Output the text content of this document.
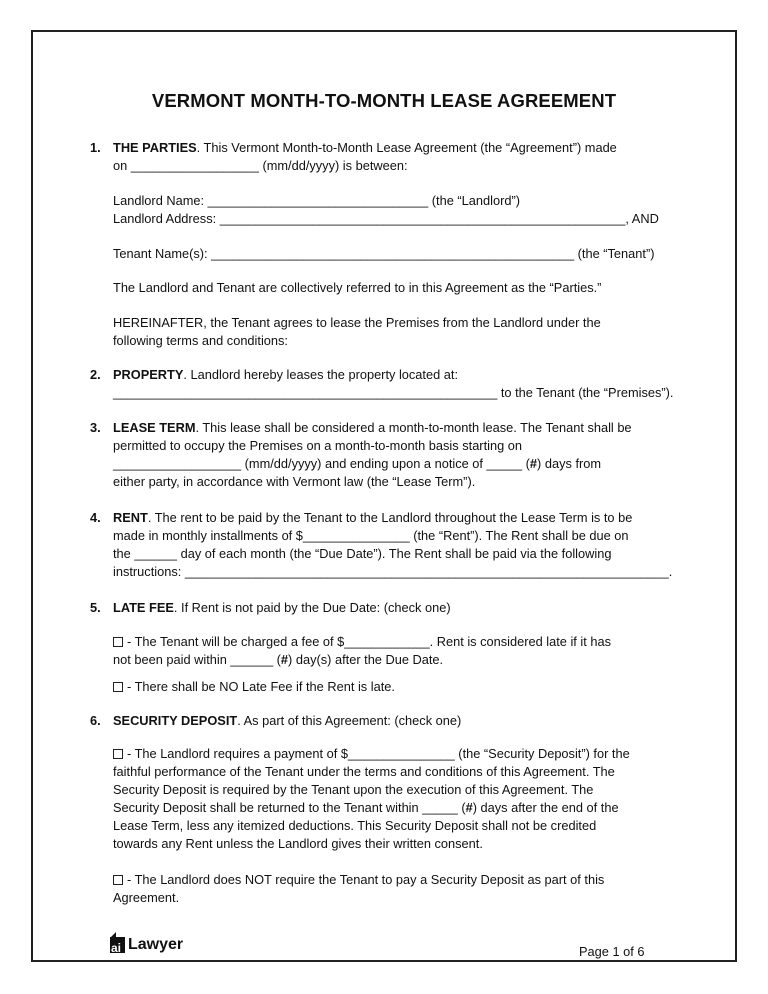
VERMONT MONTH-TO-MONTH LEASE AGREEMENT
1. THE PARTIES. This Vermont Month-to-Month Lease Agreement (the “Agreement”) made
on __________________ (mm/dd/yyyy) is between:
Landlord Name: _______________________________ (the “Landlord”)
Landlord Address: _________________________________________________________, AND
Tenant Name(s): ___________________________________________________ (the “Tenant”)
The Landlord and Tenant are collectively referred to in this Agreement as the “Parties.”
HEREINAFTER, the Tenant agrees to lease the Premises from the Landlord under the
following terms and conditions:
2. PROPERTY. Landlord hereby leases the property located at:
______________________________________________________ to the Tenant (the “Premises”).
3. LEASE TERM. This lease shall be considered a month-to-month lease. The Tenant shall be
permitted to occupy the Premises on a month-to-month basis starting on
__________________ (mm/dd/yyyy) and ending upon a notice of _____ (#) days from
either party, in accordance with Vermont law (the “Lease Term”).
4. RENT. The rent to be paid by the Tenant to the Landlord throughout the Lease Term is to be
made in monthly installments of $_______________ (the “Rent”). The Rent shall be due on
the ______ day of each month (the “Due Date”). The Rent shall be paid via the following
instructions: ____________________________________________________________________.
5. LATE FEE. If Rent is not paid by the Due Date: (check one)
- The Tenant will be charged a fee of $____________. Rent is considered late if it has
not been paid within ______ (#) day(s) after the Due Date.
- There shall be NO Late Fee if the Rent is late.
6. SECURITY DEPOSIT. As part of this Agreement: (check one)
- The Landlord requires a payment of $_______________ (the “Security Deposit”) for the
faithful performance of the Tenant under the terms and conditions of this Agreement. The
Security Deposit is required by the Tenant upon the execution of this Agreement. The
Security Deposit shall be returned to the Tenant within _____ (#) days after the end of the
Lease Term, less any itemized deductions. This Security Deposit shall not be credited
towards any Rent unless the Landlord gives their written consent.
- The Landlord does NOT require the Tenant to pay a Security Deposit as part of this
Agreement.
ai Lawyer	Page 1 of 6
